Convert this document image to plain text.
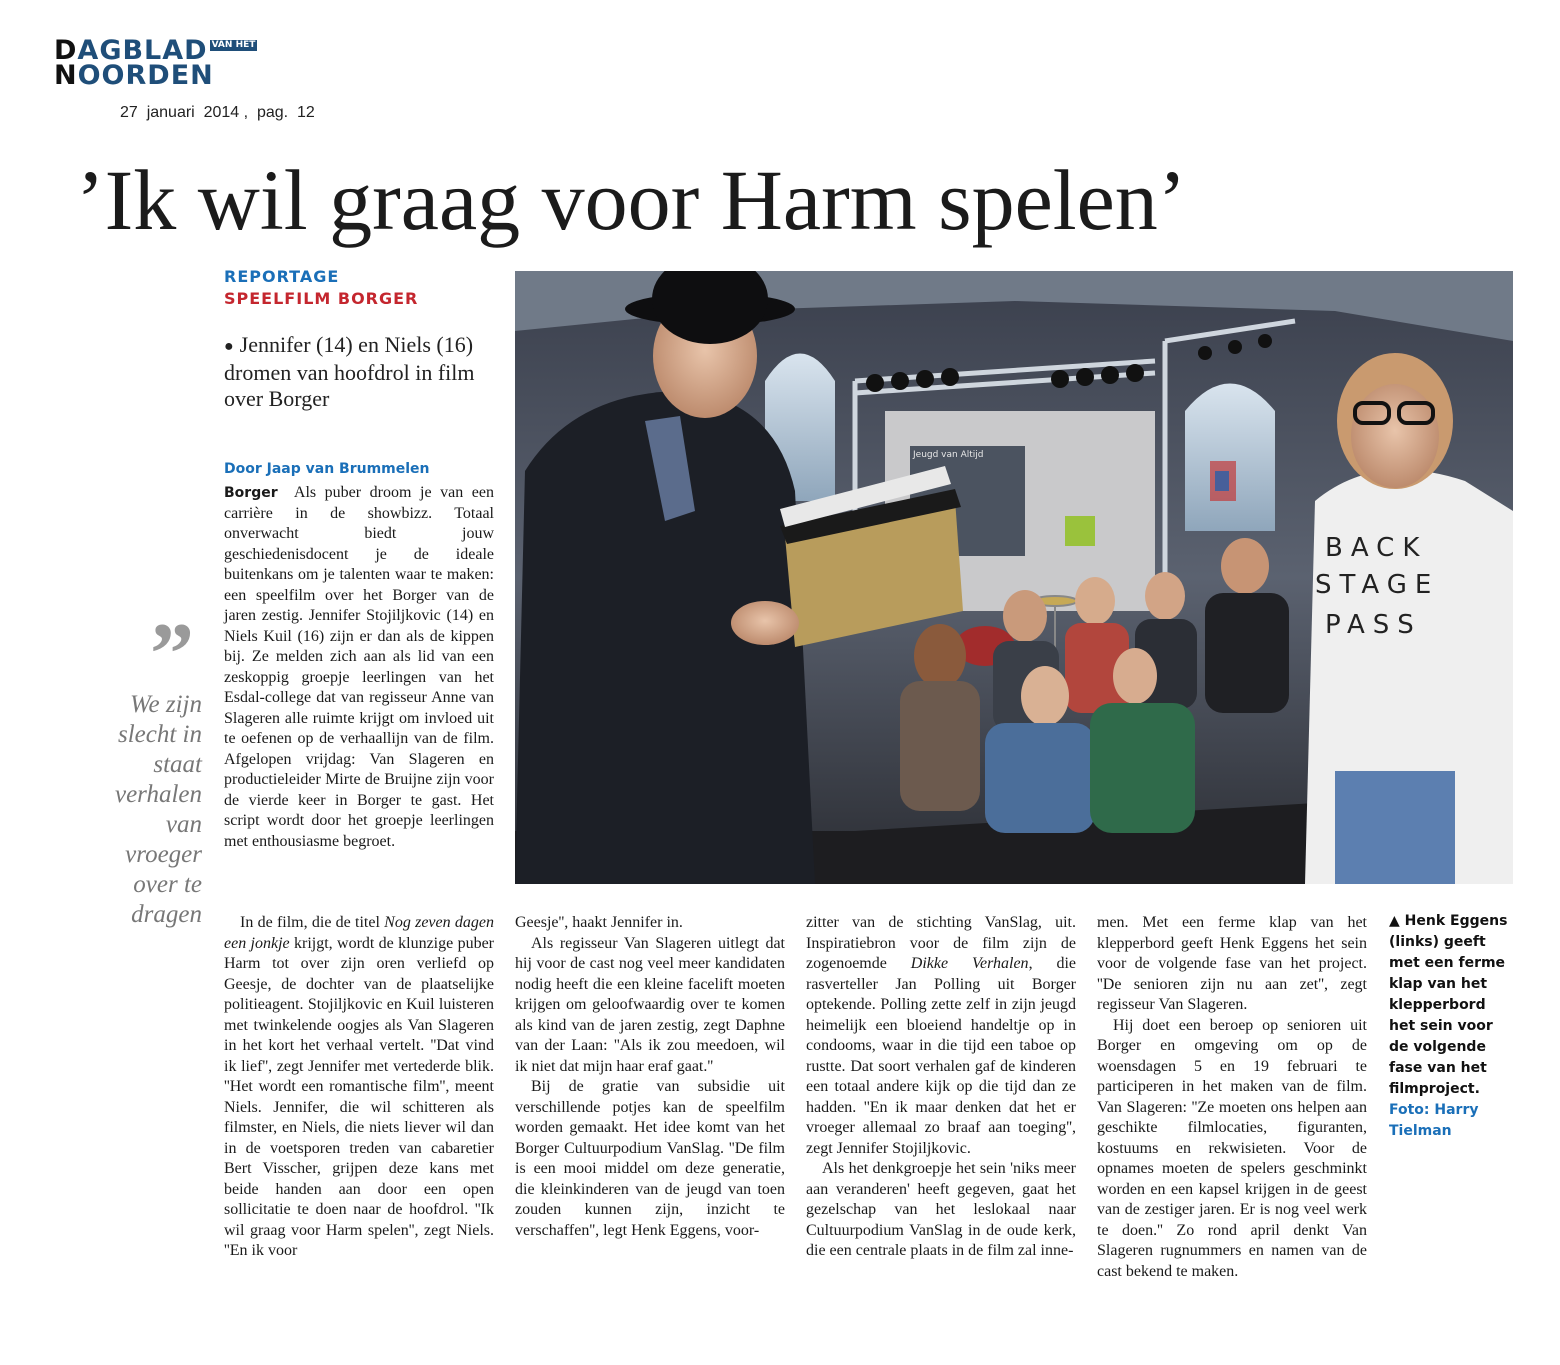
DAGBLAD VAN HET
NOORDEN
27  januari  2014 ,  pag.  12
’Ik wil graag voor Harm spelen’
REPORTAGE
SPEELFILM BORGER
● Jennifer (14) en Niels (16) dromen van hoofdrol in film over Borger
Door Jaap van Brummelen
”
We zijn slecht in staat verhalen van vroeger over te dragen

Borger Als puber droom je van een carrière in de showbizz. Totaal onverwacht biedt jouw geschiedenisdocent je de ideale buitenkans om je talenten waar te maken: een speelfilm over het Borger van de jaren zestig. Jennifer Stojiljkovic (14) en Niels Kuil (16) zijn er dan als de kippen bij. Ze melden zich aan als lid van een zeskoppig groepje leerlingen van het Esdal-college dat van regisseur Anne van Slageren alle ruimte krijgt om invloed uit te oefenen op de verhaallijn van de film. Afgelopen vrijdag: Van Slageren en productieleider Mirte de Bruijne zijn voor de vierde keer in Borger te gast. Het script wordt door het groepje leerlingen met enthousiasme begroet.

In de film, die de titel Nog zeven dagen een jonkje krijgt, wordt de klunzige puber Harm tot over zijn oren verliefd op Geesje, de dochter van de plaatselijke politieagent. Stojiljkovic en Kuil luisteren met twinkelende oogjes als Van Slageren in het kort het verhaal vertelt. ''Dat vind ik lief'', zegt Jennifer met vertederde blik. ''Het wordt een romantische film'', meent Niels. Jennifer, die wil schitteren als filmster, en Niels, die niets liever wil dan in de voetsporen treden van cabaretier Bert Visscher, grijpen deze kans met beide handen aan door een open sollicitatie te doen naar de hoofdrol. ''Ik wil graag voor Harm spelen'', zegt Niels. ''En ik voor

Geesje'', haakt Jennifer in.

Als regisseur Van Slageren uitlegt dat hij voor de cast nog veel meer kandidaten nodig heeft die een kleine facelift moeten krijgen om geloofwaardig over te komen als kind van de jaren zestig, zegt Daphne van der Laan: ''Als ik zou meedoen, wil ik niet dat mijn haar eraf gaat.''

Bij de gratie van subsidie uit verschillende potjes kan de speelfilm worden gemaakt. Het idee komt van het Borger Cultuurpodium VanSlag. ''De film is een mooi middel om deze generatie, die kleinkinderen van de jeugd van toen zouden kunnen zijn, inzicht te verschaffen'', legt Henk Eggens, voor-

zitter van de stichting VanSlag, uit. Inspiratiebron voor de film zijn de zogenoemde Dikke Verhalen, die rasverteller Jan Polling uit Borger optekende. Polling zette zelf in zijn jeugd heimelijk een bloeiend handeltje op in condooms, waar in die tijd een taboe op rustte. Dat soort verhalen gaf de kinderen een totaal andere kijk op die tijd dan ze hadden. ''En ik maar denken dat het er vroeger allemaal zo braaf aan toeging'', zegt Jennifer Stojiljkovic.

Als het denkgroepje het sein 'niks meer aan veranderen' heeft gegeven, gaat het gezelschap van het leslokaal naar Cultuurpodium VanSlag in de oude kerk, die een centrale plaats in de film zal inne-

men. Met een ferme klap van het klepperbord geeft Henk Eggens het sein voor de volgende fase van het project. ''De senioren zijn nu aan zet'', zegt regisseur Van Slageren.

Hij doet een beroep op senioren uit Borger en omgeving om op de woensdagen 5 en 19 februari te participeren in het maken van de film. Van Slageren: ''Ze moeten ons helpen aan geschikte filmlocaties, figuranten, kostuums en rekwisieten. Voor de opnames moeten de spelers geschminkt worden en een kapsel krijgen in de geest van de zestiger jaren. Er is nog veel werk te doen.'' Zo rond april denkt Van Slageren rugnummers en namen van de cast bekend te maken.

▲ Henk Eggens (links) geeft met een ferme klap van het klepperbord het sein voor de volgende fase van het filmproject. Foto: Harry Tielman
Jeugd van Altijd
BACK
STAGE
PASS
